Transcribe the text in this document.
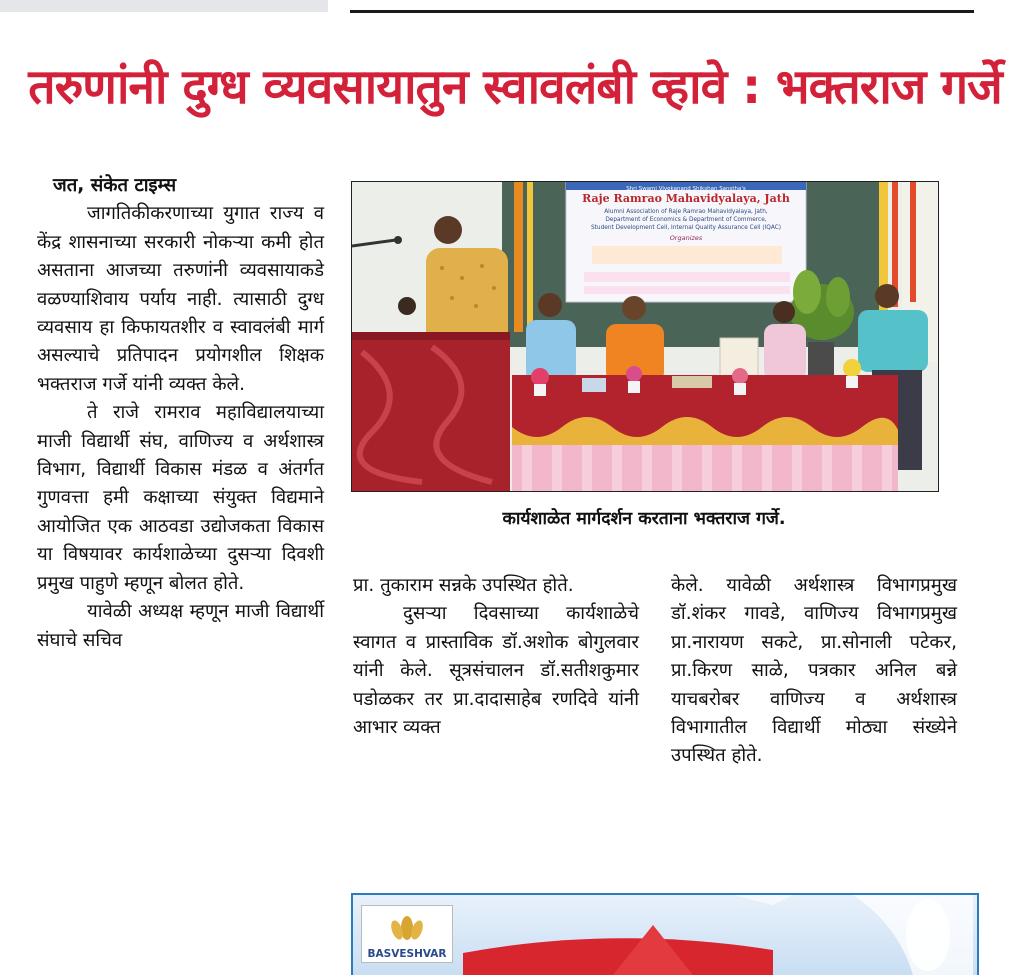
तरुणांनी दुग्ध व्यवसायातुन स्वावलंबी व्हावे : भक्तराज गर्जे

जत, संकेत टाइम्स

जागतिकीकरणाच्या युगात राज्य व केंद्र शासनाच्या सरकारी नोकऱ्या कमी होत असताना आजच्या तरुणांनी व्यवसायाकडे वळण्याशिवाय पर्याय नाही. त्यासाठी दुग्ध व्यवसाय हा किफायतशीर व स्वावलंबी मार्ग असल्याचे प्रतिपादन प्रयोगशील शिक्षक भक्तराज गर्जे यांनी व्यक्त केले.

ते राजे रामराव महाविद्यालयाच्या माजी विद्यार्थी संघ, वाणिज्य व अर्थशास्त्र विभाग, विद्यार्थी विकास मंडळ व अंतर्गत गुणवत्ता हमी कक्षाच्या संयुक्त विद्यमाने आयोजित एक आठवडा उद्योजकता विकास या विषयावर कार्यशाळेच्या दुसऱ्या दिवशी प्रमुख पाहुणे म्हणून बोलत होते.

यावेळी अध्यक्ष म्हणून माजी विद्यार्थी संघाचे सचिव

Shri Swami Vivekanand Shikshan Sanstha's
Raje Ramrao Mahavidyalaya, Jath
Alumni Association of Raje Ramrao Mahavidyalaya, Jath,
Department of Economics & Department of Commerce,
Student Development Cell, Internal Quality Assurance Cell (IQAC)
Organizes
कार्यशाळेत मार्गदर्शन करताना भक्तराज गर्जे.

प्रा. तुकाराम सन्नके उपस्थित होते.

दुसऱ्या दिवसाच्या कार्यशाळेचे स्वागत व प्रास्ताविक डॉ.अशोक बोगुलवार यांनी केले. सूत्रसंचालन डॉ.सतीशकुमार पडोळकर तर प्रा.दादासाहेब रणदिवे यांनी आभार व्यक्त

केले. यावेळी अर्थशास्त्र विभागप्रमुख डॉ.शंकर गावडे, वाणिज्य विभागप्रमुख प्रा.नारायण सकटे, प्रा.सोनाली पटेकर, प्रा.किरण साळे, पत्रकार अनिल बन्ने याचबरोबर वाणिज्य व अर्थशास्त्र विभागातील विद्यार्थी मोठ्या संख्येने उपस्थित होते.

BASVESHVAR
